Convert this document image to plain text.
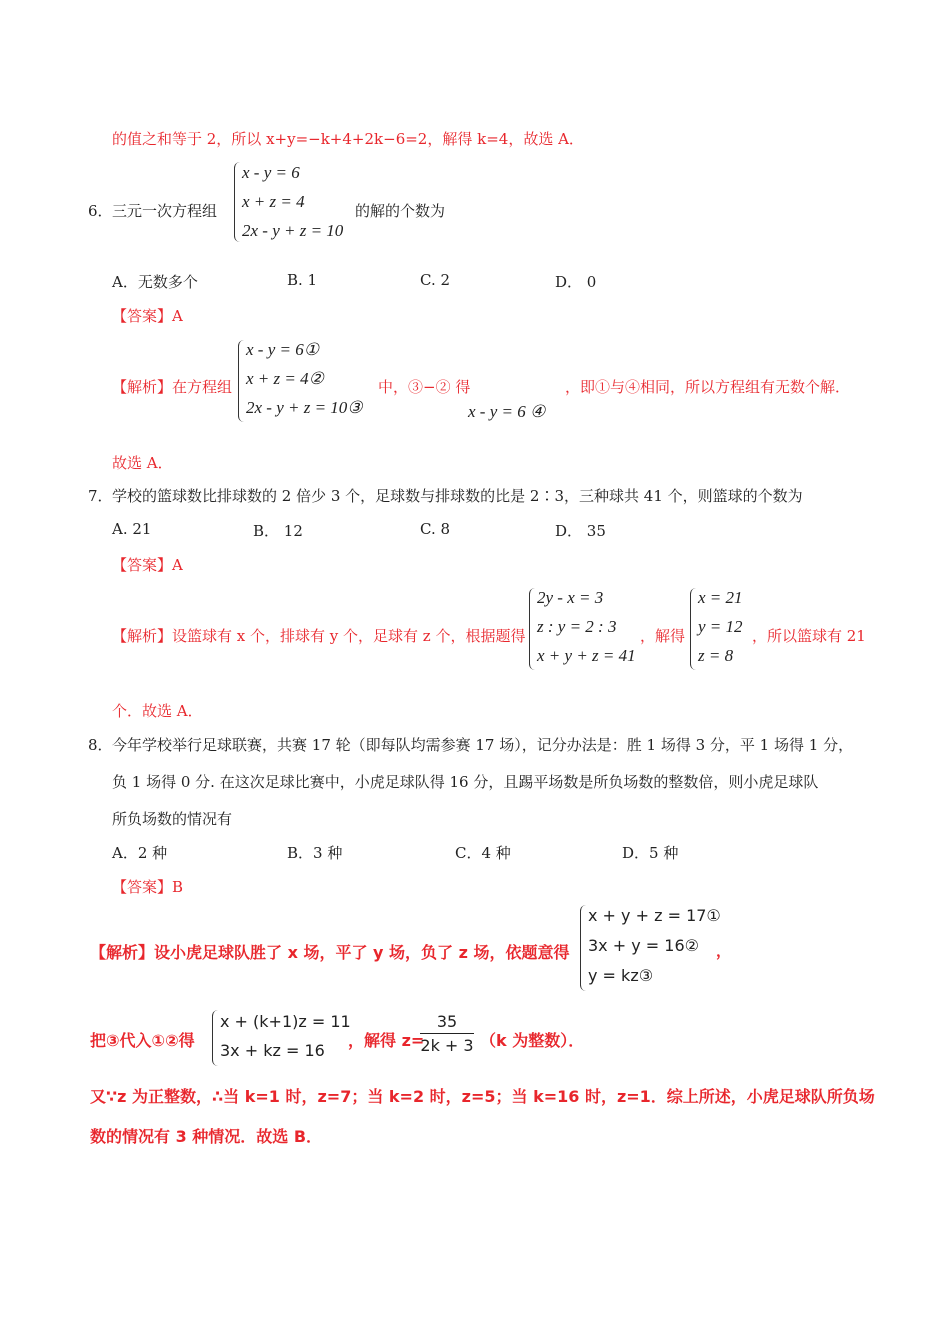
的值之和等于 2，所以 x+y=−k+4+2k−6=2，解得 k=4，故选 A．
6． 三元一次方程组
x - y = 6
x + z = 4
2x - y + z = 10
的解的个数为
A．无数多个	B. 1	C. 2	D． 0
【答案】A
【解析】在方程组
x - y = 6①
x + z = 4②
2x - y + z = 10③
中，③−② 得
x - y = 6 ④
，即①与④相同，所以方程组有无数个解．
故选 A．
7． 学校的篮球数比排球数的 2 倍少 3 个，足球数与排球数的比是 2∶3，三种球共 41 个，则篮球的个数为
A. 21	B． 12	C. 8	D． 35
【答案】A
【解析】设篮球有 x 个，排球有 y 个，足球有 z 个，根据题得
2y - x = 3
z : y = 2 : 3
x + y + z = 41
，解得
x = 21
y = 12
z = 8
，所以篮球有 21
个．故选 A．
8． 今年学校举行足球联赛，共赛 17 轮（即每队均需参赛 17 场），记分办法是：胜 1 场得 3 分，平 1 场得 1 分，
负 1 场得 0 分. 在这次足球比赛中，小虎足球队得 16 分，且踢平场数是所负场数的整数倍，则小虎足球队
所负场数的情况有
A．2 种	B．3 种	C．4 种	D．5 种
【答案】B
【解析】设小虎足球队胜了 x 场，平了 y 场，负了 z 场，依题意得
x + y + z = 17①
3x + y = 16②
y = kz③
，
把③代入①②得
x + (k+1)z = 11
3x + kz = 16
，解得 z=
35
2k + 3 （k 为整数）．
又∵z 为正整数，∴当 k=1 时，z=7；当 k=2 时，z=5；当 k=16 时，z=1．综上所述，小虎足球队所负场
数的情况有 3 种情况．故选 B．
